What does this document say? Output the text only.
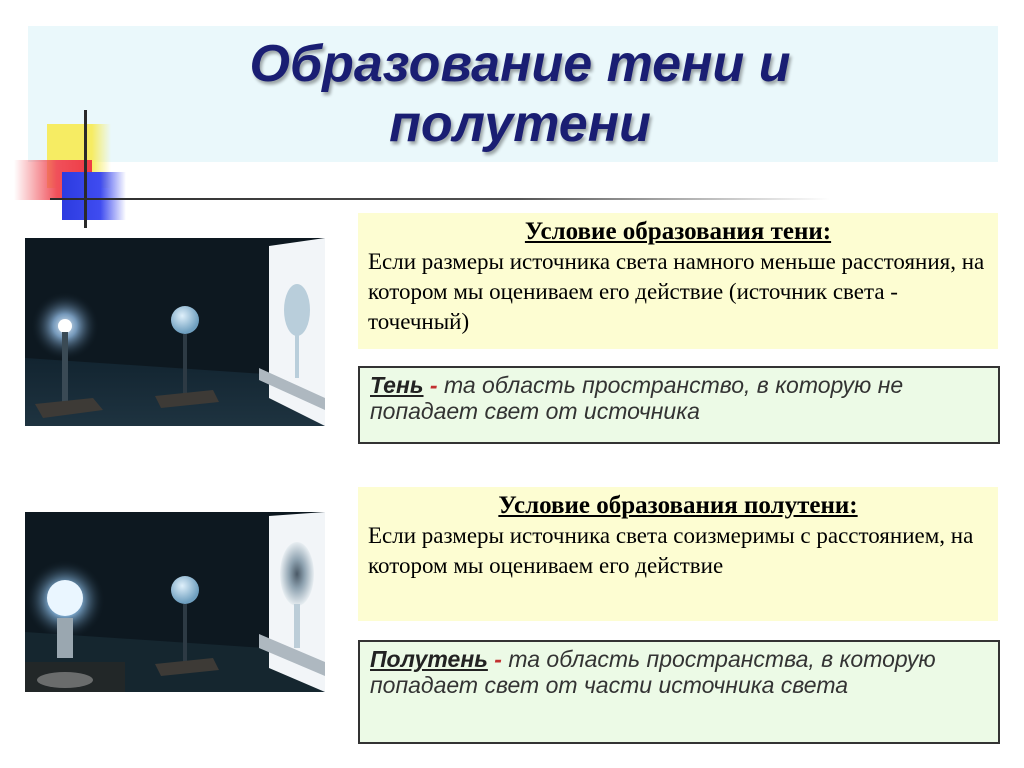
Образование тени и
полутени
Условие образования тени:
Если размеры источника света намного меньше расстояния, на котором мы оцениваем его действие (источник света - точечный)
Тень - та область пространство, в которую не попадает свет от источника
Условие образования полутени:
Если размеры источника света соизмеримы с расстоянием, на котором мы оцениваем его действие
Полутень - та область пространства, в которую попадает свет от части источника света
